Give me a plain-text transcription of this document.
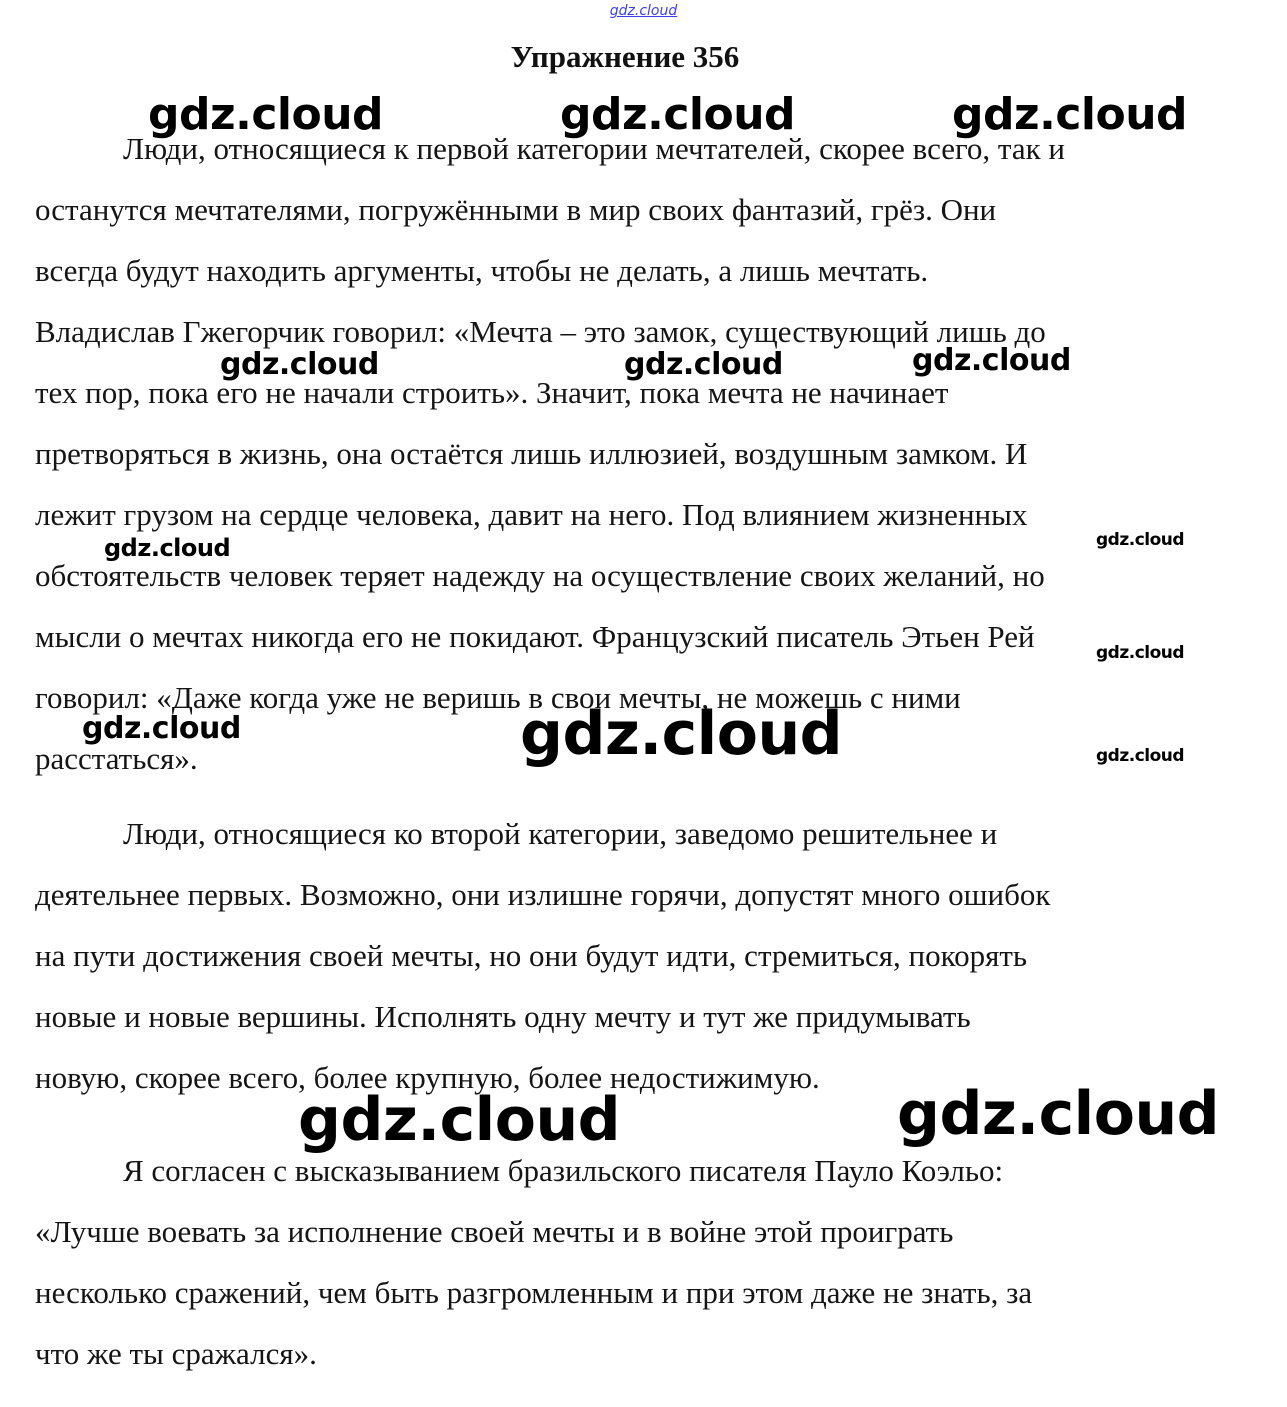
gdz.cloud
Упражнение 356

Люди, относящиеся к первой категории мечтателей, скорее всего, так и
останутся мечтателями, погружёнными в мир своих фантазий, грёз. Они
всегда будут находить аргументы, чтобы не делать, а лишь мечтать.
Владислав Гжегорчик говорил: «Мечта – это замок, существующий лишь до
тех пор, пока его не начали строить». Значит, пока мечта не начинает
претворяться в жизнь, она остаётся лишь иллюзией, воздушным замком. И
лежит грузом на сердце человека, давит на него. Под влиянием жизненных
обстоятельств человек теряет надежду на осуществление своих желаний, но
мысли о мечтах никогда его не покидают. Французский писатель Этьен Рей
говорил: «Даже когда уже не веришь в свои мечты, не можешь с ними
расстаться».

Люди, относящиеся ко второй категории, заведомо решительнее и
деятельнее первых. Возможно, они излишне горячи, допустят много ошибок
на пути достижения своей мечты, но они будут идти, стремиться, покорять
новые и новые вершины. Исполнять одну мечту и тут же придумывать
новую, скорее всего, более крупную, более недостижимую.

Я согласен с высказыванием бразильского писателя Пауло Коэльо:
«Лучше воевать за исполнение своей мечты и в войне этой проиграть
несколько сражений, чем быть разгромленным и при этом даже не знать, за
что же ты сражался».

gdz.cloud	gdz.cloud	gdz.cloud
gdz.cloud	gdz.cloud	gdz.cloud
gdz.cloud	gdz.cloud
gdz.cloud
gdz.cloud	gdz.cloud	gdz.cloud
gdz.cloud	gdz.cloud
